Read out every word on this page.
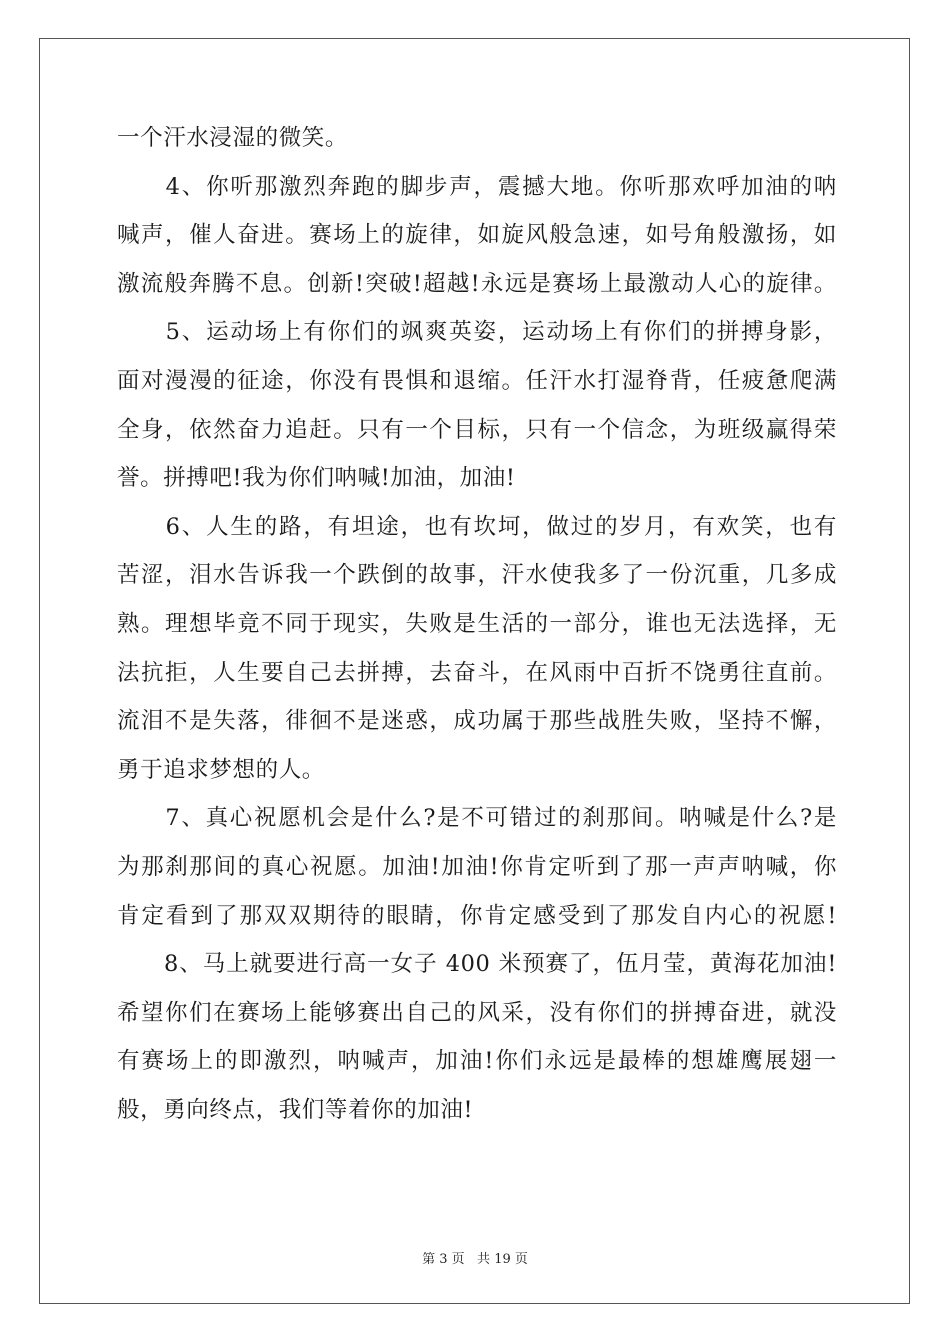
一个汗水浸湿的微笑。
　　4、你听那激烈奔跑的脚步声，震撼大地。你听那欢呼加油的呐
喊声，催人奋进。赛场上的旋律，如旋风般急速，如号角般激扬，如
激流般奔腾不息。创新!突破!超越!永远是赛场上最激动人心的旋律。
　　5、运动场上有你们的飒爽英姿，运动场上有你们的拼搏身影，
面对漫漫的征途，你没有畏惧和退缩。任汗水打湿脊背，任疲惫爬满
全身，依然奋力追赶。只有一个目标，只有一个信念，为班级赢得荣
誉。拼搏吧!我为你们呐喊!加油，加油!
　　6、人生的路，有坦途，也有坎坷，做过的岁月，有欢笑，也有
苦涩，泪水告诉我一个跌倒的故事，汗水使我多了一份沉重，几多成
熟。理想毕竟不同于现实，失败是生活的一部分，谁也无法选择，无
法抗拒，人生要自己去拼搏，去奋斗，在风雨中百折不饶勇往直前。
流泪不是失落，徘徊不是迷惑，成功属于那些战胜失败，坚持不懈，
勇于追求梦想的人。
　　7、真心祝愿机会是什么?是不可错过的刹那间。呐喊是什么?是
为那刹那间的真心祝愿。加油!加油!你肯定听到了那一声声呐喊，你
肯定看到了那双双期待的眼睛，你肯定感受到了那发自内心的祝愿!
　　8、马上就要进行高一女子 400 米预赛了，伍月莹，黄海花加油!
希望你们在赛场上能够赛出自己的风采，没有你们的拼搏奋进，就没
有赛场上的即激烈，呐喊声，加油!你们永远是最棒的想雄鹰展翅一
般，勇向终点，我们等着你的加油!
第 3 页   共 19 页
